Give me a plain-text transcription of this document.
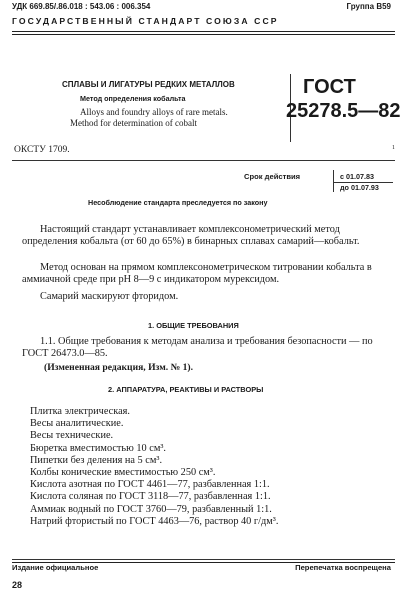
УДК 669.85/.86.018 : 543.06 : 006.354	Группа В59

ГОСУДАРСТВЕННЫЙ СТАНДАРТ СОЮЗА ССР

СПЛАВЫ И ЛИГАТУРЫ РЕДКИХ МЕТАЛЛОВ

Метод определения кобальта

Alloys and foundry alloys of rare metals.

Method for determination of cobalt

ГОСТ

25278.5—82

ОКСТУ 1709.	1

Срок действия	с 01.07.83

до 01.07.93

Несоблюдение стандарта преследуется по закону

Настоящий стандарт устанавливает комплексонометрический метод определения кобальта (от 60 до 65%) в бинарных сплавах самарий—кобальт.

Метод основан на прямом комплексонометрическом титровании кобальта в аммиачной среде при рН 8—9 с индикатором мурексидом.

Самарий маскируют фторидом.

1. ОБЩИЕ ТРЕБОВАНИЯ

1.1. Общие требования к методам анализа и требования безопасности — по ГОСТ 26473.0—85.

(Измененная редакция, Изм. № 1).

2. АППАРАТУРА, РЕАКТИВЫ И РАСТВОРЫ

Плитка электрическая.
Весы аналитические.
Весы технические.
Бюретка вместимостью 10 см³.
Пипетки без деления на 5 см³.
Колбы конические вместимостью 250 см³.
Кислота азотная по ГОСТ 4461—77, разбавленная 1:1.
Кислота соляная по ГОСТ 3118—77, разбавленная 1:1.
Аммиак водный по ГОСТ 3760—79, разбавленный 1:1.
Натрий фтористый по ГОСТ 4463—76, раствор 40 г/дм³.

Издание официальное	Перепечатка воспрещена

28
